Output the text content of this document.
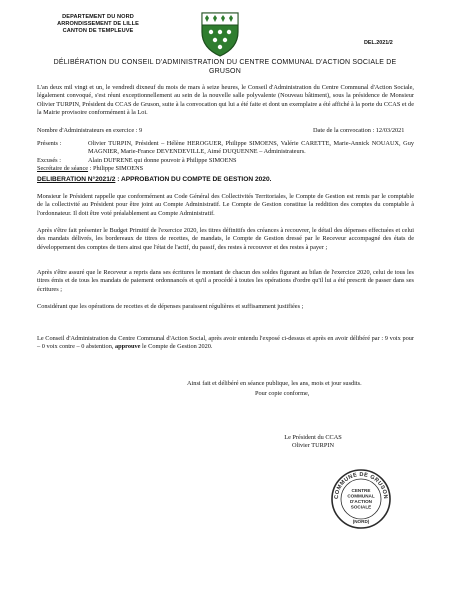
DEPARTEMENT DU NORD
ARRONDISSEMENT DE LILLE
CANTON DE TEMPLEUVE
DEL.2021/2
DÉLIBÉRATION DU CONSEIL D'ADMINISTRATION DU CENTRE COMMUNAL D'ACTION SOCIALE DE
GRUSON
L'an deux mil vingt et un, le vendredi dixneuf du mois de mars à seize heures, le Conseil d'Administration du Centre Communal d'Action Sociale, légalement convoqué, s'est réuni exceptionnellement au sein de la nouvelle salle polyvalente (Nouveau bâtiment), sous la présidence de Monsieur Olivier TURPIN, Président du CCAS de Gruson, suite à la convocation qui lui a été faite et dont un exemplaire a été affiché à la porte du CCAS et de la Mairie provisoire conformément à la Loi.
Nombre d'Administrateurs en exercice : 9	Date de la convocation : 12/03/2021
Présents :	Olivier TURPIN, Président – Hélène HEROGUER, Philippe SIMOENS, Valérie CARETTE, Marie-Annick NOUAUX, Guy MAGNIER, Marie-France DEVENDEVILLE, Aimé DUQUENNE – Administrateurs.
Excusés :	Alain DUFRENE qui donne pouvoir à Philippe SIMOENS
Secrétaire de séance : Philippe SIMOENS
DELIBERATION N°2021/2 : APPROBATION DU COMPTE DE GESTION 2020.
Monsieur le Président rappelle que conformément au Code Général des Collectivités Territoriales, le Compte de Gestion est remis par le comptable de la collectivité au Président pour être joint au Compte Administratif. Le Compte de Gestion constitue la reddition des comptes du comptable à l'ordonnateur. Il doit être voté préalablement au Compte Administratif.
Après s'être fait présenter le Budget Primitif de l'exercice 2020, les titres définitifs des créances à recouvrer, le détail des dépenses effectuées et celui des mandats délivrés, les bordereaux de titres de recettes, de mandats, le Compte de Gestion dressé par le Receveur accompagné des états de développement des comptes de tiers ainsi que l'état de l'actif, du passif, des restes à recouvrer et des restes à payer ;
Après s'être assuré que le Receveur a repris dans ses écritures le montant de chacun des soldes figurant au bilan de l'exercice 2020, celui de tous les titres émis et de tous les mandats de paiement ordonnancés et qu'il a procédé à toutes les opérations d'ordre qu'il lui a été prescrit de passer dans ses écritures ;
Considérant que les opérations de recettes et de dépenses paraissent régulières et suffisamment justifiées ;
Le Conseil d'Administration du Centre Communal d'Action Social, après avoir entendu l'exposé ci-dessus et après en avoir délibéré par : 9 voix pour – 0 voix contre – 0 abstention, approuve le Compte de Gestion 2020.
Ainsi fait et délibéré en séance publique, les ans, mois et jour susdits.
Pour copie conforme,
Le Président du CCAS
Olivier TURPIN
COMMUNE DE GRUSON
CENTRE
COMMUNAL
D'ACTION
SOCIALE
(NORD)
